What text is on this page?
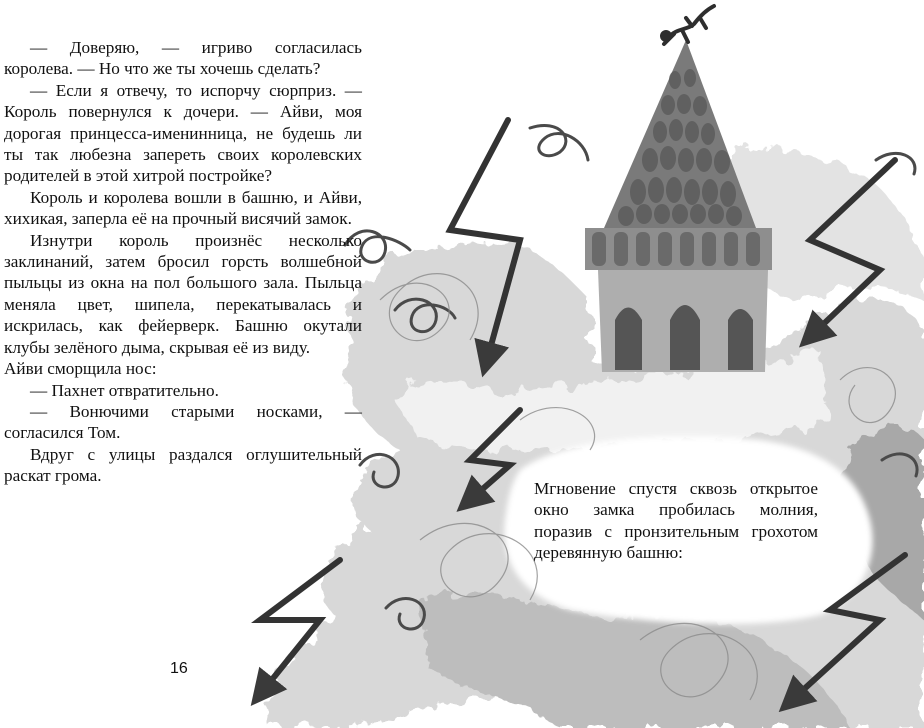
— Доверяю, — игриво согласилась королева. — Но что же ты хочешь сделать?

— Если я отвечу, то испорчу сюрприз. — Король повернулся к дочери. — Айви, моя дорогая принцесса-именинница, не будешь ли ты так любезна запереть своих королевских родителей в этой хитрой постройке?

Король и королева вошли в башню, и Айви, хихикая, заперла её на прочный висячий замок.

Изнутри король произнёс несколько заклинаний, затем бросил горсть волшебной пыльцы из окна на пол большого зала. Пыльца меняла цвет, шипела, перекатывалась и искрилась, как фейерверк. Башню окутали клубы зелёного дыма, скрывая её из виду.

Айви сморщила нос:

— Пахнет отвратительно.

— Вонючими старыми носками, — согласился Том.

Вдруг с улицы раздался оглушительный раскат грома.

Мгновение спустя сквозь открытое окно замка пробилась молния, поразив с пронзительным грохотом деревянную башню:

16
